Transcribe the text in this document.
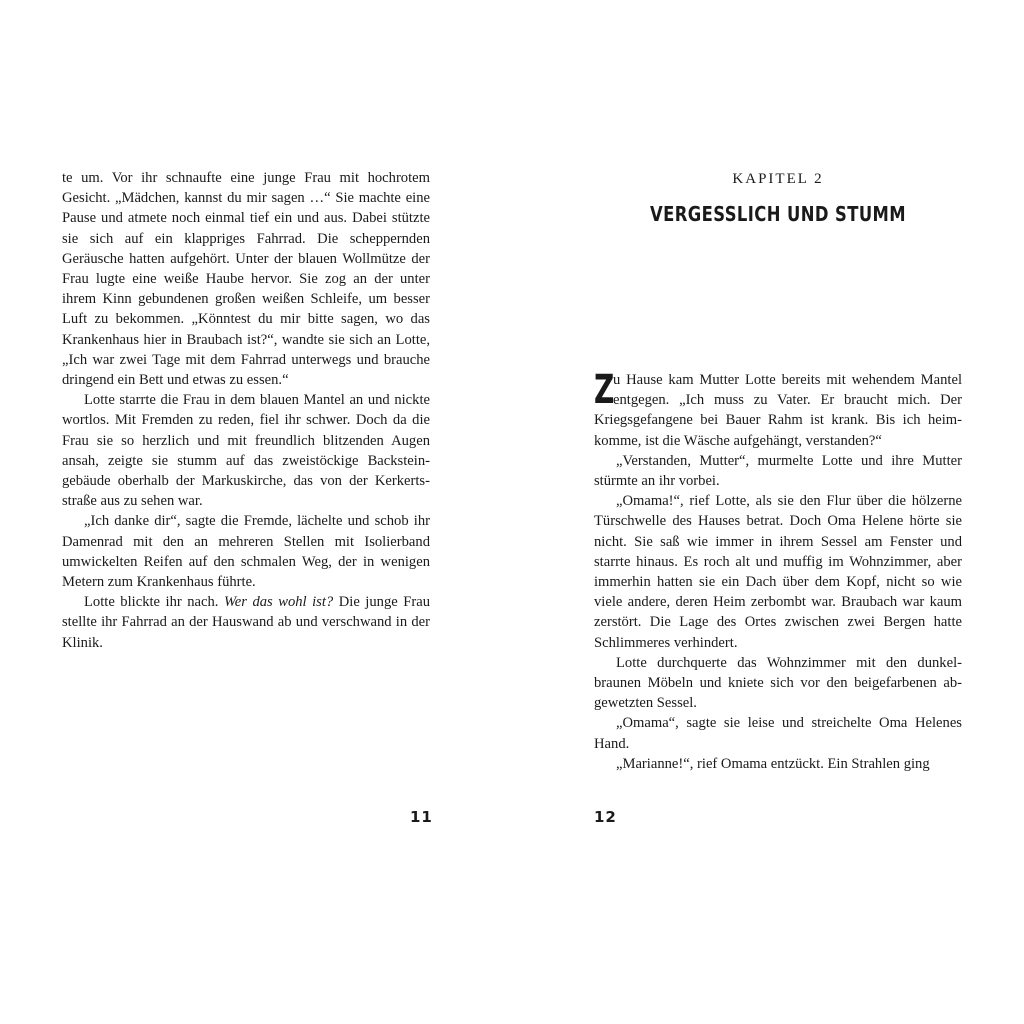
te um. Vor ihr schnaufte eine junge Frau mit hochrotem Gesicht. „Mädchen, kannst du mir sagen …“ Sie machte eine Pause und atmete noch einmal tief ein und aus. Dabei stützte sie sich auf ein klappriges Fahrrad. Die scheppernden Geräusche hatten aufgehört. Unter der blauen Wollmütze der Frau lugte eine weiße Haube hervor. Sie zog an der unter ihrem Kinn gebundenen großen weißen Schleife, um besser Luft zu bekommen. „Könntest du mir bitte sagen, wo das Krankenhaus hier in Braubach ist?“, wandte sie sich an Lotte, „Ich war zwei Tage mit dem Fahrrad unterwegs und brauche dringend ein Bett und etwas zu essen.“

Lotte starrte die Frau in dem blauen Mantel an und nickte wortlos. Mit Fremden zu reden, fiel ihr schwer. Doch da die Frau sie so herzlich und mit freundlich blitzenden Augen ansah, zeigte sie stumm auf das zweistöckige Backsteingebäude oberhalb der Markuskirche, das von der Kerkertsstraße aus zu sehen war.

„Ich danke dir“, sagte die Fremde, lächelte und schob ihr Damenrad mit den an mehreren Stellen mit Isolierband umwickelten Reifen auf den schmalen Weg, der in wenigen Metern zum Krankenhaus führte.

Lotte blickte ihr nach. Wer das wohl ist? Die junge Frau stellte ihr Fahrrad an der Hauswand ab und verschwand in der Klinik.

KAPITEL 2

VERGESSLICH UND STUMM

Z
u Hause kam Mutter Lotte bereits mit wehendem Mantel entgegen. „Ich muss zu Vater. Er braucht mich. Der Kriegsgefangene bei Bauer Rahm ist krank. Bis ich heimkomme, ist die Wäsche aufgehängt, verstanden?“

„Verstanden, Mutter“, murmelte Lotte und ihre Mutter stürmte an ihr vorbei.

„Omama!“, rief Lotte, als sie den Flur über die hölzerne Türschwelle des Hauses betrat. Doch Oma Helene hörte sie nicht. Sie saß wie immer in ihrem Sessel am Fenster und starrte hinaus. Es roch alt und muffig im Wohnzimmer, aber immerhin hatten sie ein Dach über dem Kopf, nicht so wie viele andere, deren Heim zerbombt war. Braubach war kaum zerstört. Die Lage des Ortes zwischen zwei Bergen hatte Schlimmeres verhindert.

Lotte durchquerte das Wohnzimmer mit den dunkelbraunen Möbeln und kniete sich vor den beigefarbenen abgewetzten Sessel.

„Omama“, sagte sie leise und streichelte Oma Helenes Hand.

„Marianne!“, rief Omama entzückt. Ein Strahlen ging

11	12
